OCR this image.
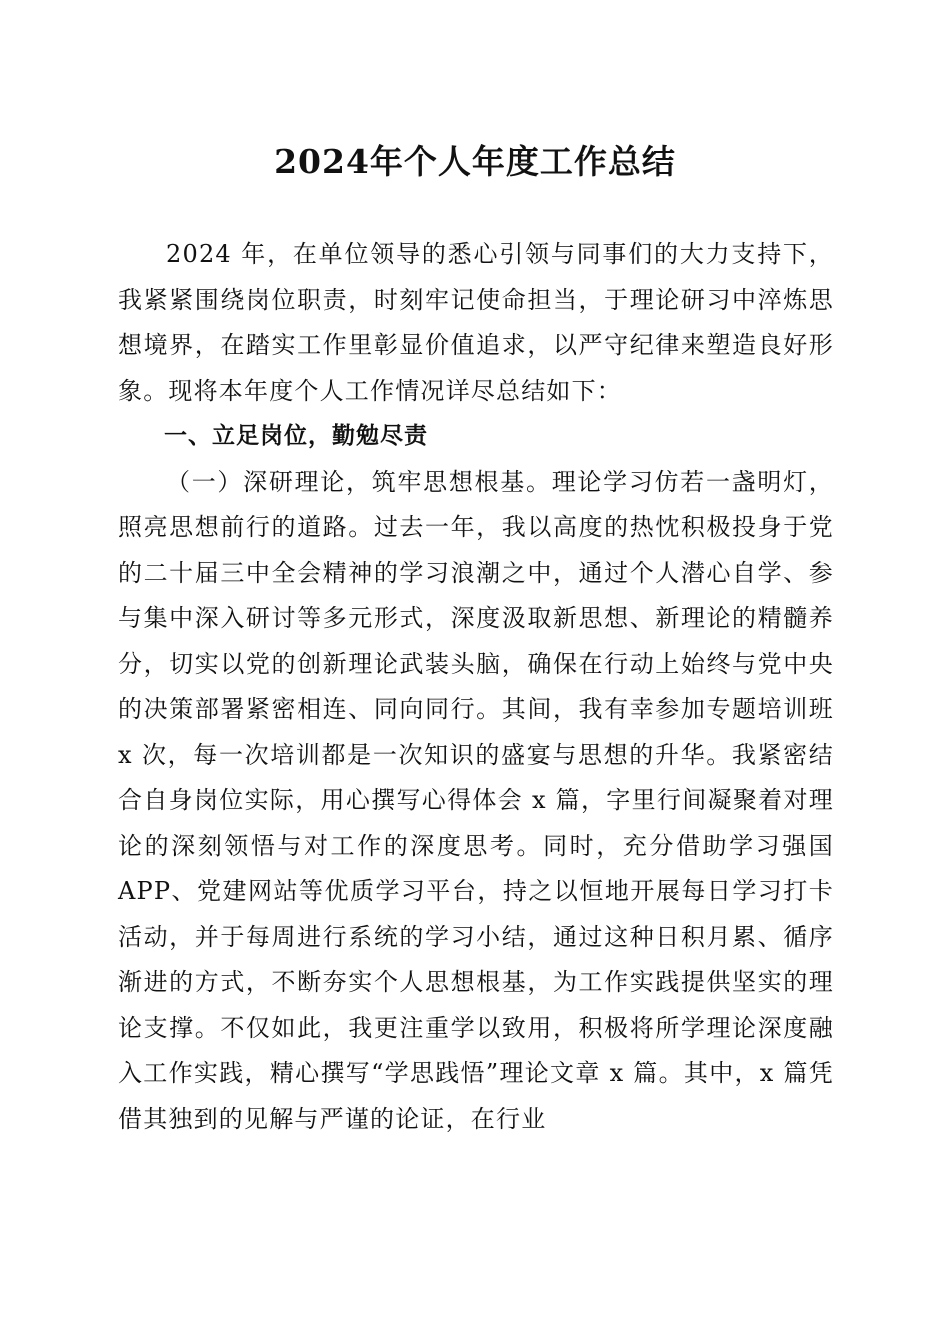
2024年个人年度工作总结

2024 年，在单位领导的悉心引领与同事们的大力支持下，我紧紧围绕岗位职责，时刻牢记使命担当，于理论研习中淬炼思想境界，在踏实工作里彰显价值追求，以严守纪律来塑造良好形象。现将本年度个人工作情况详尽总结如下：

一、立足岗位，勤勉尽责

（一）深研理论，筑牢思想根基。理论学习仿若一盏明灯，照亮思想前行的道路。过去一年，我以高度的热忱积极投身于党的二十届三中全会精神的学习浪潮之中，通过个人潜心自学、参与集中深入研讨等多元形式，深度汲取新思想、新理论的精髓养分，切实以党的创新理论武装头脑，确保在行动上始终与党中央的决策部署紧密相连、同向同行。其间，我有幸参加专题培训班 x 次，每一次培训都是一次知识的盛宴与思想的升华。我紧密结合自身岗位实际，用心撰写心得体会 x 篇，字里行间凝聚着对理论的深刻领悟与对工作的深度思考。同时，充分借助学习强国 APP、党建网站等优质学习平台，持之以恒地开展每日学习打卡活动，并于每周进行系统的学习小结，通过这种日积月累、循序渐进的方式，不断夯实个人思想根基，为工作实践提供坚实的理论支撑。不仅如此，我更注重学以致用，积极将所学理论深度融入工作实践，精心撰写“学思践悟”理论文章 x 篇。其中，x 篇凭借其独到的见解与严谨的论证，在行业
